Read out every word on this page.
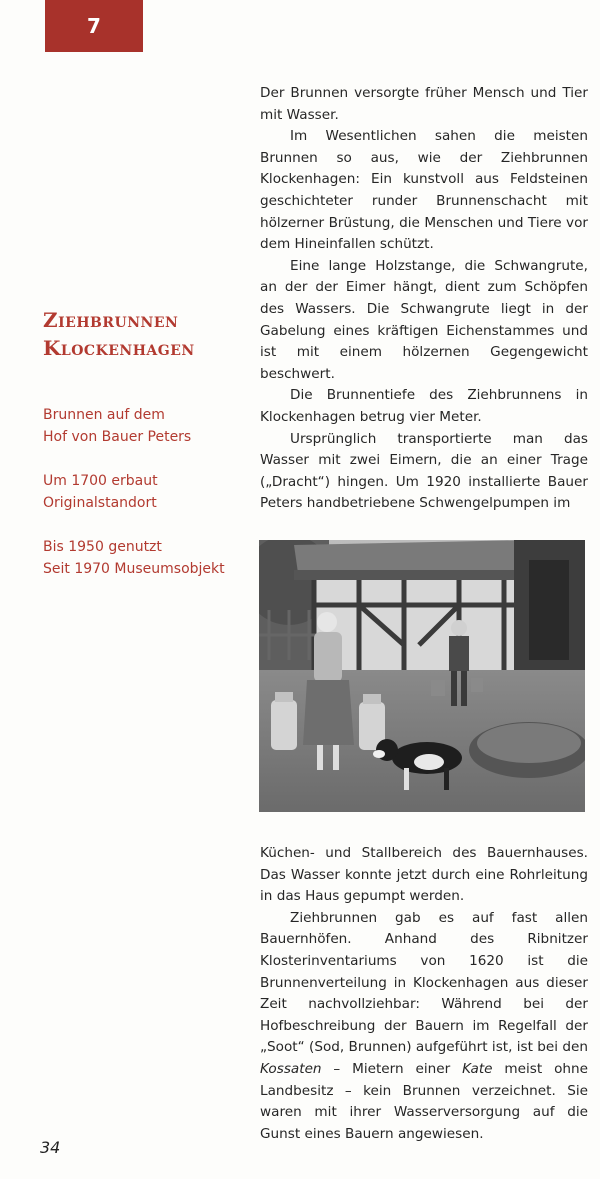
7
Ziehbrunnen
Klockenhagen
Brunnen auf dem
Hof von Bauer Peters
Um 1700 erbaut
Originalstandort
Bis 1950 genutzt
Seit 1970 Museumsobjekt

Der Brunnen versorgte früher Mensch und Tier mit Wasser.

Im Wesentlichen sahen die meisten Brunnen so aus, wie der Ziehbrunnen Klockenhagen: Ein kunstvoll aus Feldsteinen geschichteter runder Brunnenschacht mit hölzerner Brüstung, die Menschen und Tiere vor dem Hineinfallen schützt.

Eine lange Holzstange, die Schwangrute, an der der Eimer hängt, dient zum Schöpfen des Wassers. Die Schwangrute liegt in der Gabelung eines kräftigen Eichenstammes und ist mit einem hölzernen Gegengewicht beschwert.

Die Brunnentiefe des Ziehbrunnens in Klockenhagen betrug vier Meter.

Ursprünglich transportierte man das Wasser mit zwei Eimern, die an einer Trage („Dracht“) hingen. Um 1920 installierte Bauer Peters handbetriebene Schwengelpumpen im

Küchen- und Stallbereich des Bauernhauses. Das Wasser konnte jetzt durch eine Rohrleitung in das Haus gepumpt werden.

Ziehbrunnen gab es auf fast allen Bauernhöfen. Anhand des Ribnitzer Klosterinventariums von 1620 ist die Brunnenverteilung in Klockenhagen aus dieser Zeit nachvollziehbar: Während bei der Hofbeschreibung der Bauern im Regelfall der „Soot“ (Sod, Brunnen) aufgeführt ist, ist bei den Kossaten – Mietern einer Kate meist ohne Landbesitz – kein Brunnen verzeichnet. Sie waren mit ihrer Wasserversorgung auf die Gunst eines Bauern angewiesen.

34
